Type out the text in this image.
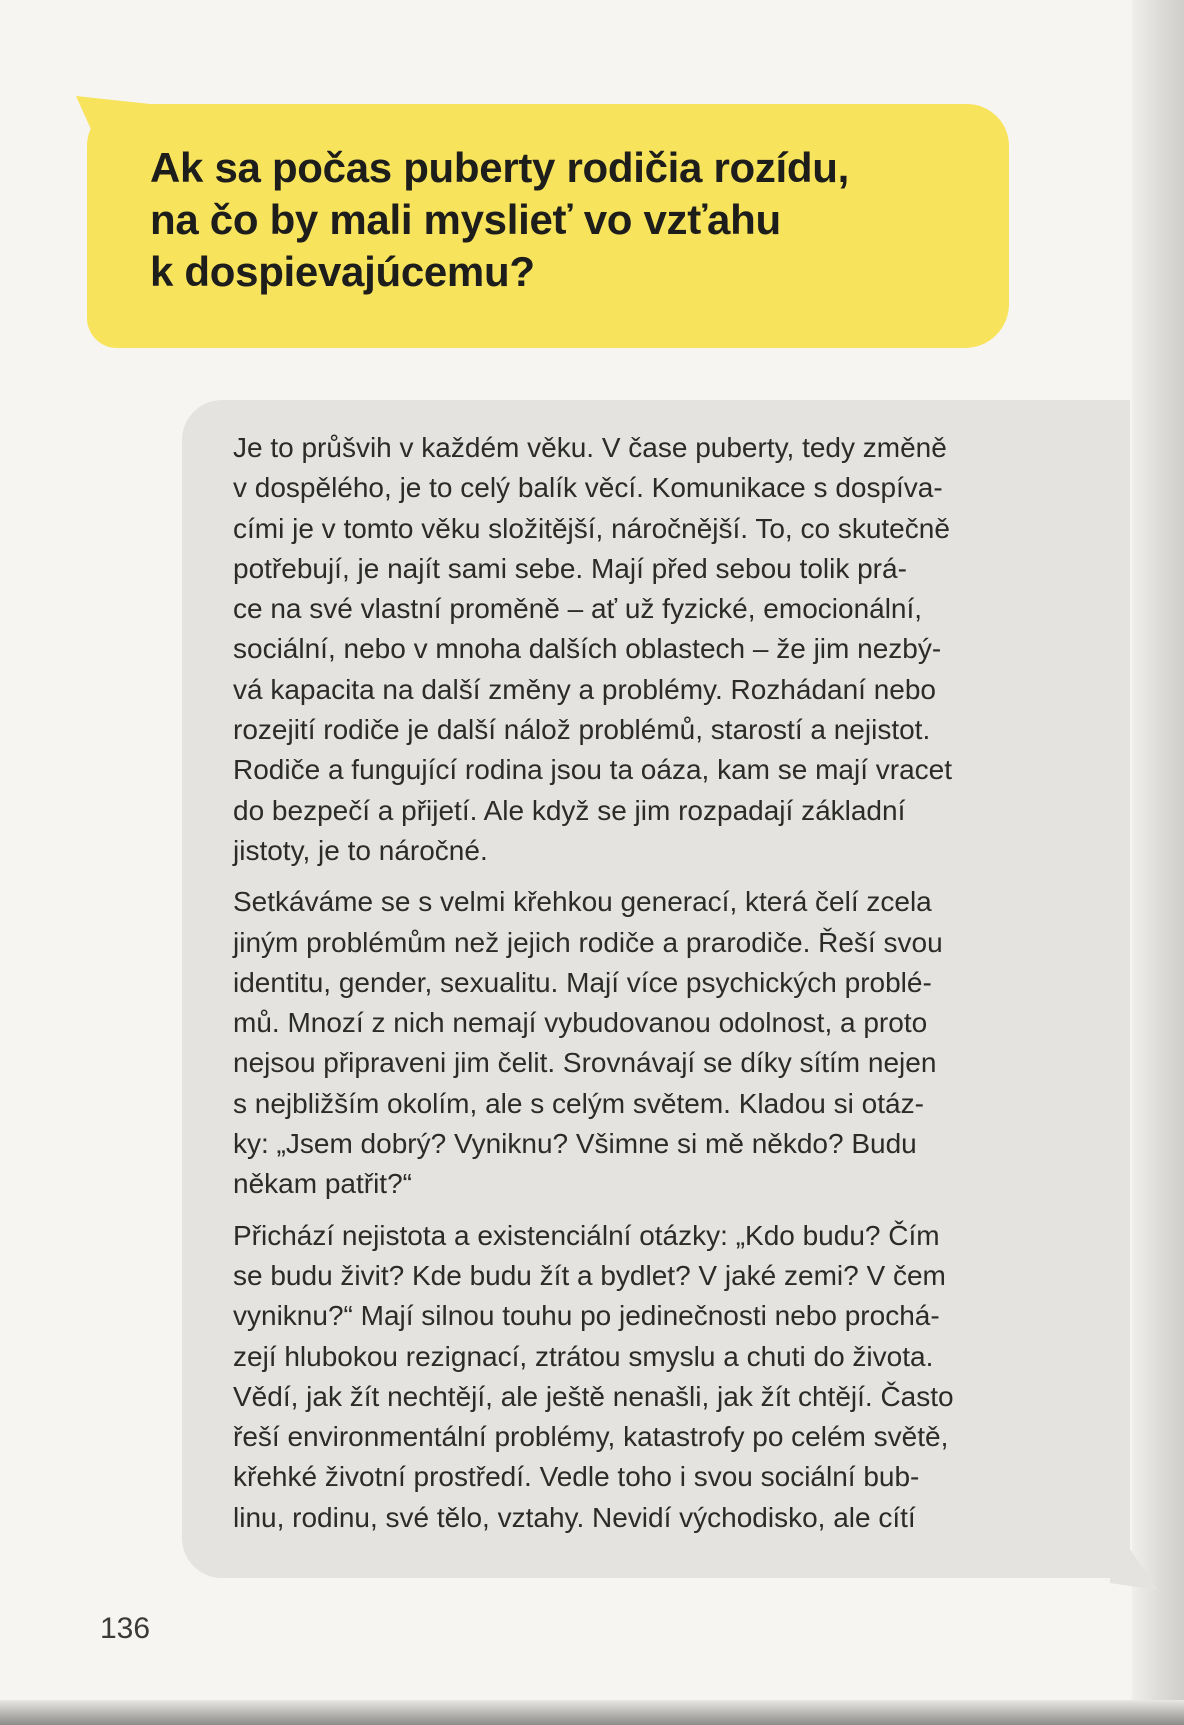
Ak sa počas puberty rodičia rozídu,
na čo by mali myslieť vo vzťahu
k dospievajúcemu?

Je to průšvih v každém věku. V čase puberty, tedy změně
v dospělého, je to celý balík věcí. Komunikace s dospíva-
cími je v tomto věku složitější, náročnější. To, co skutečně
potřebují, je najít sami sebe. Mají před sebou tolik prá-
ce na své vlastní proměně – ať už fyzické, emocionální,
sociální, nebo v mnoha dalších oblastech – že jim nezbý-
vá kapacita na další změny a problémy. Rozhádaní nebo
rozejití rodiče je další nálož problémů, starostí a nejistot.
Rodiče a fungující rodina jsou ta oáza, kam se mají vracet
do bezpečí a přijetí. Ale když se jim rozpadají základní
jistoty, je to náročné.

Setkáváme se s velmi křehkou generací, která čelí zcela
jiným problémům než jejich rodiče a prarodiče. Řeší svou
identitu, gender, sexualitu. Mají více psychických problé-
mů. Mnozí z nich nemají vybudovanou odolnost, a proto
nejsou připraveni jim čelit. Srovnávají se díky sítím nejen
s nejbližším okolím, ale s celým světem. Kladou si otáz-
ky: „Jsem dobrý? Vyniknu? Všimne si mě někdo? Budu
někam patřit?“

Přichází nejistota a existenciální otázky: „Kdo budu? Čím
se budu živit? Kde budu žít a bydlet? V jaké zemi? V čem
vyniknu?“ Mají silnou touhu po jedinečnosti nebo prochá-
zejí hlubokou rezignací, ztrátou smyslu a chuti do života.
Vědí, jak žít nechtějí, ale ještě nenašli, jak žít chtějí. Často
řeší environmentální problémy, katastrofy po celém světě,
křehké životní prostředí. Vedle toho i svou sociální bub-
linu, rodinu, své tělo, vztahy. Nevidí východisko, ale cítí

136
